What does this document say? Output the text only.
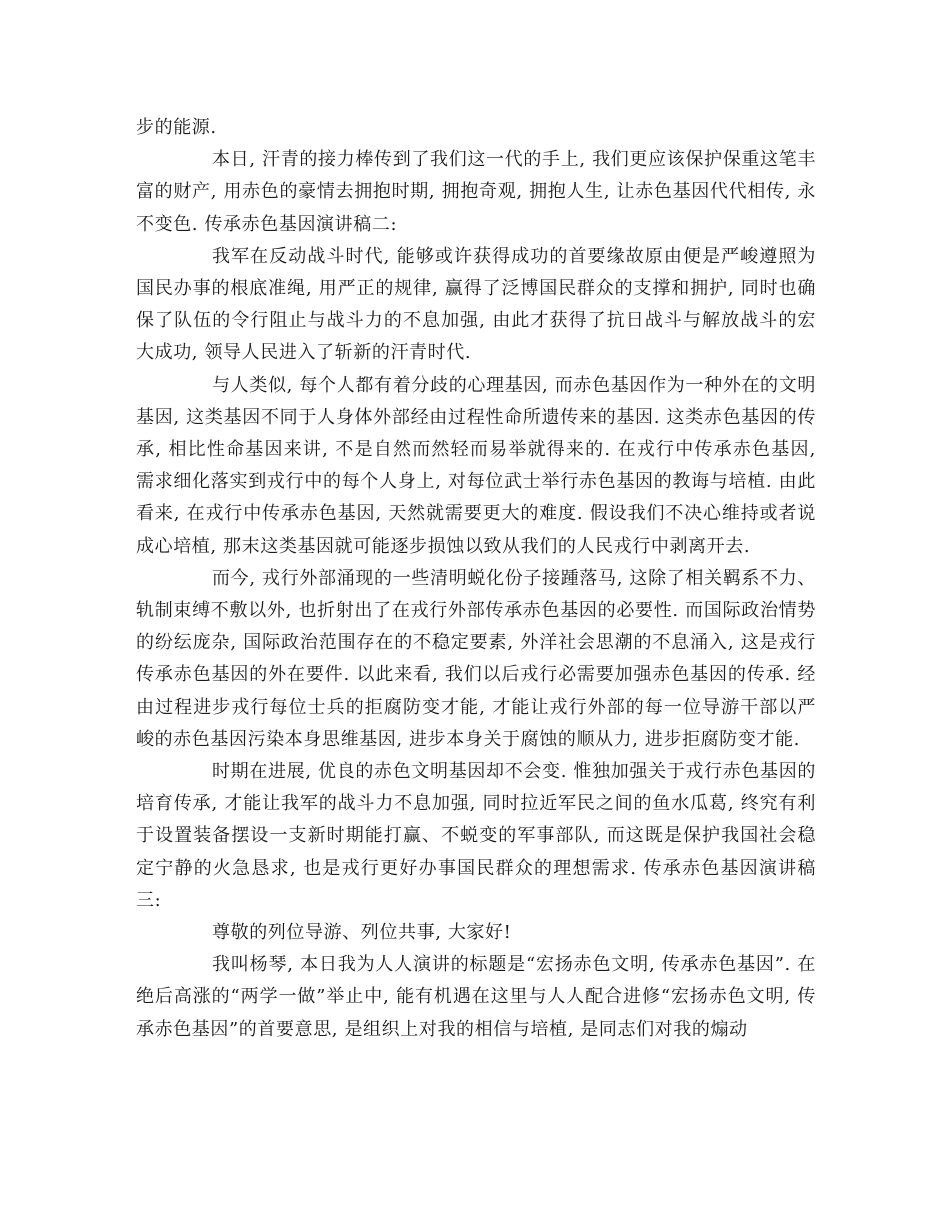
步的能源.

本日, 汗青的接力棒传到了我们这一代的手上, 我们更应该保护保重这笔丰富的财产, 用赤色的豪情去拥抱时期, 拥抱奇观, 拥抱人生, 让赤色基因代代相传, 永不变色. 传承赤色基因演讲稿二:

我军在反动战斗时代, 能够或许获得成功的首要缘故原由便是严峻遵照为国民办事的根底准绳, 用严正的规律, 赢得了泛博国民群众的支撑和拥护, 同时也确保了队伍的令行阻止与战斗力的不息加强, 由此才获得了抗日战斗与解放战斗的宏大成功, 领导人民进入了斩新的汗青时代.

与人类似, 每个人都有着分歧的心理基因, 而赤色基因作为一种外在的文明基因, 这类基因不同于人身体外部经由过程性命所遗传来的基因. 这类赤色基因的传承, 相比性命基因来讲, 不是自然而然轻而易举就得来的. 在戎行中传承赤色基因, 需求细化落实到戎行中的每个人身上, 对每位武士举行赤色基因的教诲与培植. 由此看来, 在戎行中传承赤色基因, 天然就需要更大的难度. 假设我们不决心维持或者说成心培植, 那末这类基因就可能逐步损蚀以致从我们的人民戎行中剥离开去.

而今, 戎行外部涌现的一些清明蜕化份子接踵落马, 这除了相关羁系不力、轨制束缚不敷以外, 也折射出了在戎行外部传承赤色基因的必要性. 而国际政治情势的纷纭庞杂, 国际政治范围存在的不稳定要素, 外洋社会思潮的不息涌入, 这是戎行传承赤色基因的外在要件. 以此来看, 我们以后戎行必需要加强赤色基因的传承. 经由过程进步戎行每位士兵的拒腐防变才能, 才能让戎行外部的每一位导游干部以严峻的赤色基因污染本身思维基因, 进步本身关于腐蚀的顺从力, 进步拒腐防变才能.

时期在进展, 优良的赤色文明基因却不会变. 惟独加强关于戎行赤色基因的培育传承, 才能让我军的战斗力不息加强, 同时拉近军民之间的鱼水瓜葛, 终究有利于设置装备摆设一支新时期能打赢、不蜕变的军事部队, 而这既是保护我国社会稳定宁静的火急恳求, 也是戎行更好办事国民群众的理想需求. 传承赤色基因演讲稿三:

尊敬的列位导游、列位共事, 大家好!

我叫杨琴, 本日我为人人演讲的标题是“宏扬赤色文明, 传承赤色基因”. 在绝后高涨的“两学一做”举止中, 能有机遇在这里与人人配合进修“宏扬赤色文明, 传承赤色基因”的首要意思, 是组织上对我的相信与培植, 是同志们对我的煽动
